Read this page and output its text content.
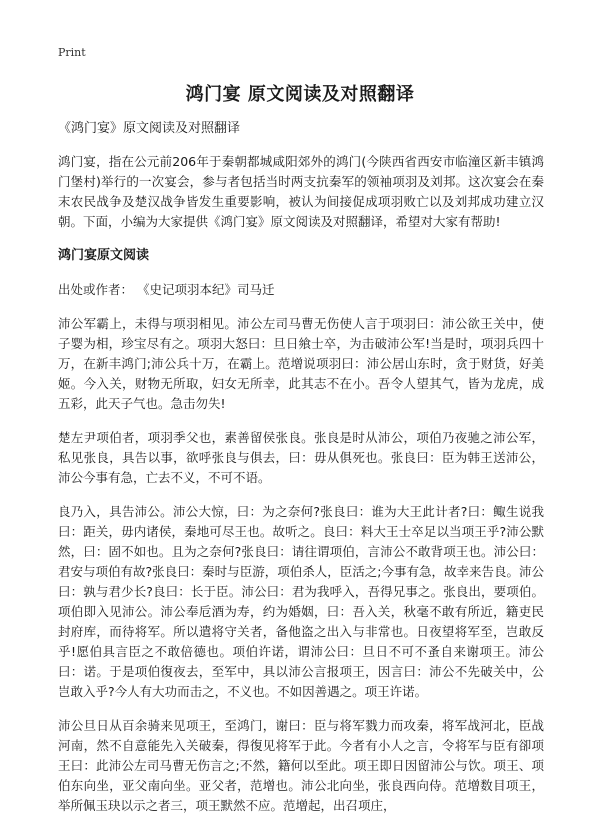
Print
鸿门宴 原文阅读及对照翻译
《鸿门宴》原文阅读及对照翻译

鸿门宴，指在公元前206年于秦朝都城咸阳郊外的鸿门(今陕西省西安市临潼区新丰镇鸿门堡村)举行的一次宴会，参与者包括当时两支抗秦军的领袖项羽及刘邦。这次宴会在秦末农民战争及楚汉战争皆发生重要影响，被认为间接促成项羽败亡以及刘邦成功建立汉朝。下面，小编为大家提供《鸿门宴》原文阅读及对照翻译，希望对大家有帮助!

鸿门宴原文阅读

出处或作者： 《史记项羽本纪》司马迁

沛公军霸上，未得与项羽相见。沛公左司马曹无伤使人言于项羽曰：沛公欲王关中，使子婴为相，珍宝尽有之。项羽大怒曰：旦日飨士卒，为击破沛公军!当是时，项羽兵四十万，在新丰鸿门;沛公兵十万，在霸上。范增说项羽曰：沛公居山东时，贪于财货，好美姬。今入关，财物无所取，妇女无所幸，此其志不在小。吾令人望其气，皆为龙虎，成五彩，此天子气也。急击勿失!

楚左尹项伯者，项羽季父也，素善留侯张良。张良是时从沛公，项伯乃夜驰之沛公军，私见张良，具告以事，欲呼张良与俱去，曰：毋从俱死也。张良曰：臣为韩王送沛公，沛公今事有急，亡去不义，不可不语。

良乃入，具告沛公。沛公大惊，曰：为之奈何?张良曰：谁为大王此计者?曰：鲰生说我曰：距关，毋内诸侯，秦地可尽王也。故听之。良曰：料大王士卒足以当项王乎?沛公默然，曰：固不如也。且为之奈何?张良曰：请往谓项伯，言沛公不敢背项王也。沛公曰：君安与项伯有故?张良曰：秦时与臣游，项伯杀人，臣活之;今事有急，故幸来告良。沛公曰：孰与君少长?良曰：长于臣。沛公曰：君为我呼入，吾得兄事之。张良出，要项伯。项伯即入见沛公。沛公奉卮酒为寿，约为婚姻，曰：吾入关，秋毫不敢有所近，籍吏民封府库，而待将军。所以遣将守关者，备他盗之出入与非常也。日夜望将军至，岂敢反乎!愿伯具言臣之不敢倍德也。项伯许诺，谓沛公曰：旦日不可不蚤自来谢项王。沛公曰：诺。于是项伯復夜去，至军中，具以沛公言报项王，因言曰：沛公不先破关中，公岂敢入乎?今人有大功而击之，不义也。不如因善遇之。项王许诺。

沛公旦日从百余骑来见项王，至鸿门，谢曰：臣与将军戮力而攻秦，将军战河北，臣战河南，然不自意能先入关破秦，得復见将军于此。今者有小人之言，令将军与臣有卻项王曰：此沛公左司马曹无伤言之;不然，籍何以至此。项王即日因留沛公与饮。项王、项伯东向坐，亚父南向坐。亚父者，范增也。沛公北向坐，张良西向侍。范增数目项王，举所佩玉玦以示之者三，项王默然不应。范增起，出召项庄，
